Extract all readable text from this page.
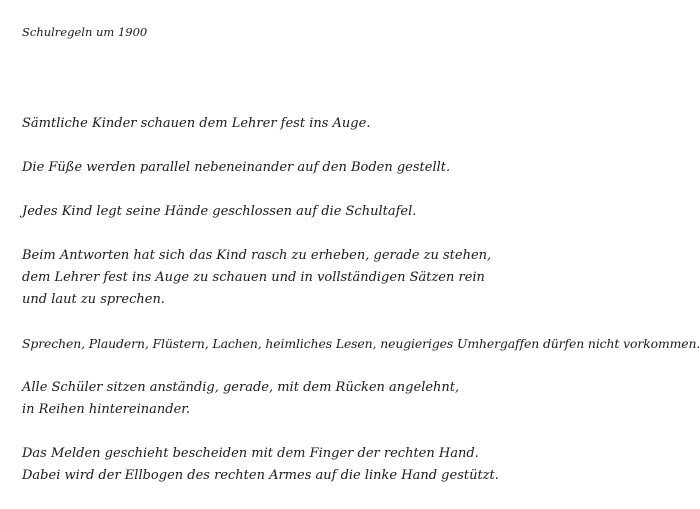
Schulregeln um 1900
Sämtliche Kinder schauen dem Lehrer fest ins Auge.
Die Füße werden parallel nebeneinander auf den Boden gestellt.
Jedes Kind legt seine Hände geschlossen auf die Schultafel.
Beim Antworten hat sich das Kind rasch zu erheben, gerade zu stehen,
dem Lehrer fest ins Auge zu schauen und in vollständigen Sätzen rein
und laut zu sprechen.
Sprechen, Plaudern, Flüstern, Lachen, heimliches Lesen, neugieriges Umhergaffen dürfen nicht vorkommen.
Alle Schüler sitzen anständig, gerade, mit dem Rücken angelehnt,
in Reihen hintereinander.
Das Melden geschieht bescheiden mit dem Finger der rechten Hand.
Dabei wird der Ellbogen des rechten Armes auf die linke Hand gestützt.
